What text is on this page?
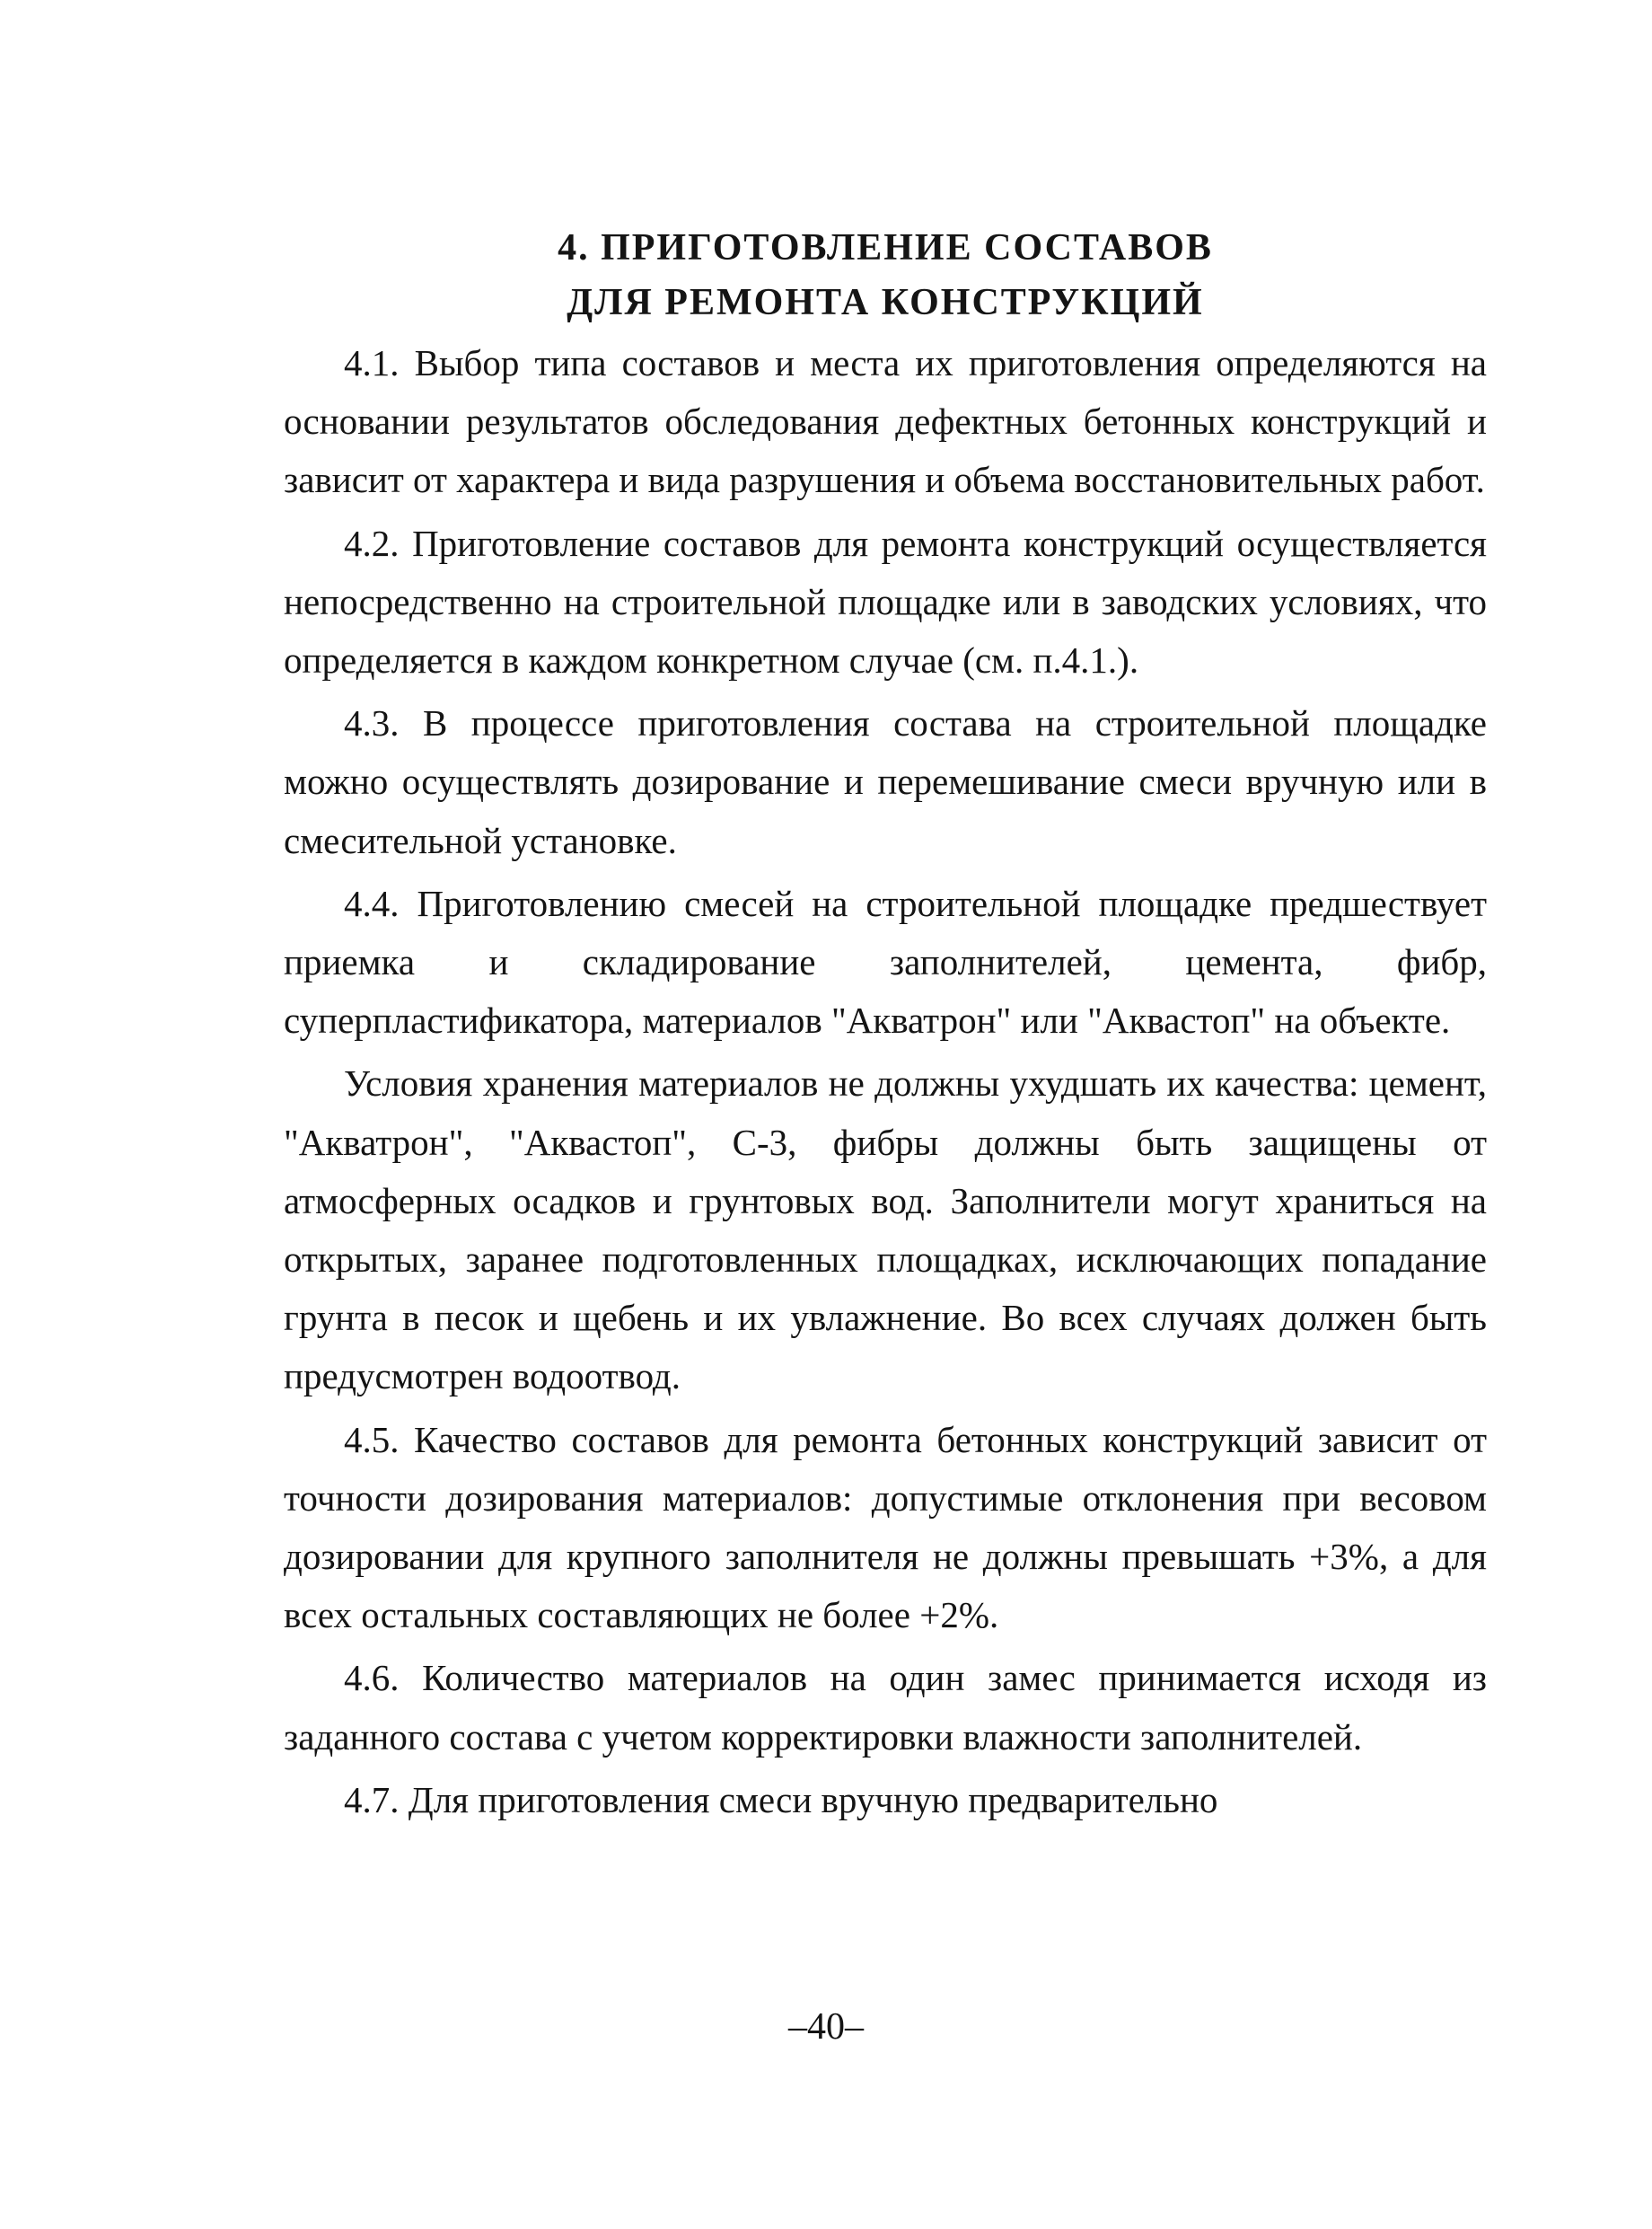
4. ПРИГОТОВЛЕНИЕ СОСТАВОВ
ДЛЯ РЕМОНТА КОНСТРУКЦИЙ

4.1. Выбор типа составов и места их приготовления определяются на основании результатов обследования дефектных бетонных конструкций и зависит от характера и вида разрушения и объема восстановительных работ.

4.2. Приготовление составов для ремонта конструкций осуществляется непосредственно на строительной площадке или в заводских условиях, что определяется в каждом конкретном случае (см. п.4.1.).

4.3. В процессе приготовления состава на строительной площадке можно осуществлять дозирование и перемешивание смеси вручную или в смесительной установке.

4.4. Приготовлению смесей на строительной площадке предшествует приемка и складирование заполнителей, цемента, фибр, суперпластификатора, материалов "Акватрон" или "Аквастоп" на объекте.

Условия хранения материалов не должны ухудшать их качества: цемент, "Акватрон", "Аквастоп", С-3, фибры должны быть защищены от атмосферных осадков и грунтовых вод. Заполнители могут храниться на открытых, заранее подготовленных площадках, исключающих попадание грунта в песок и щебень и их увлажнение. Во всех случаях должен быть предусмотрен водоотвод.

4.5. Качество составов для ремонта бетонных конструкций зависит от точности дозирования материалов: допустимые отклонения при весовом дозировании для крупного заполнителя не должны превышать +3%, а для всех остальных составляющих не более +2%.

4.6. Количество материалов на один замес принимается исходя из заданного состава с учетом корректировки влажности заполнителей.

4.7. Для приготовления смеси вручную предварительно

–40–
